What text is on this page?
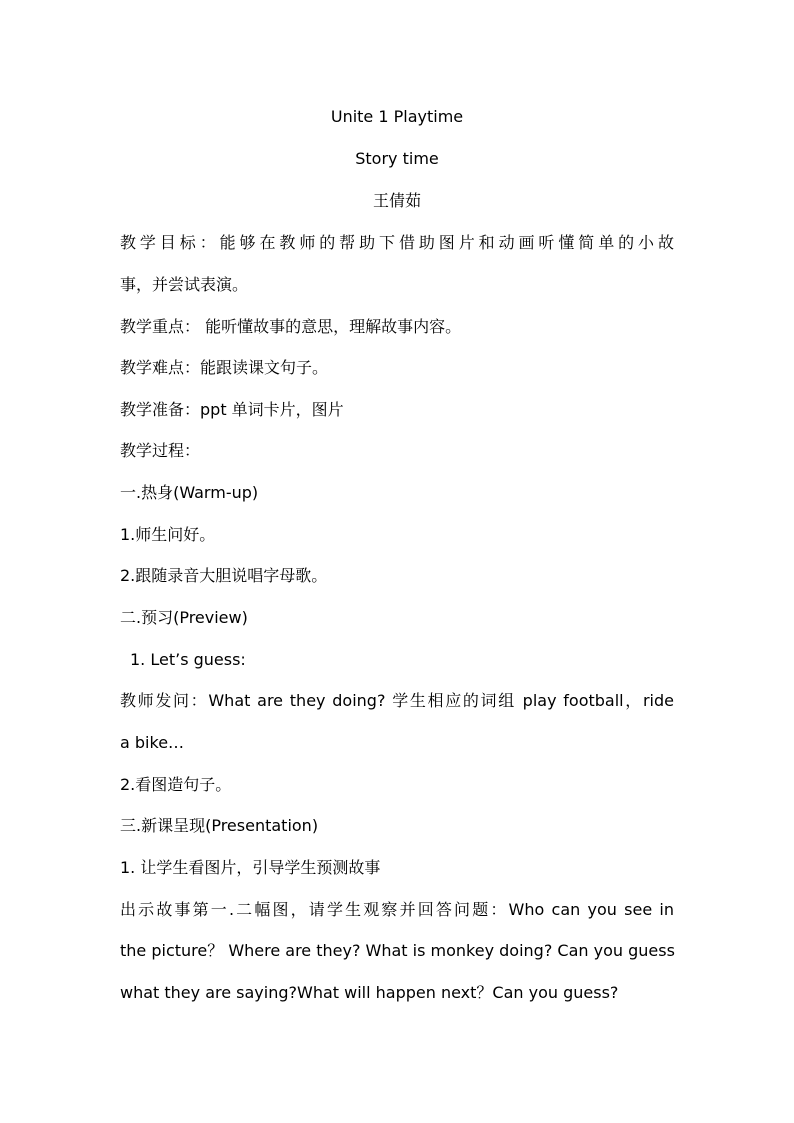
Unite 1 Playtime
Story time
王倩茹
教学目标：能够在教师的帮助下借助图片和动画听懂简单的小故
事，并尝试表演。
教学重点： 能听懂故事的意思，理解故事内容。
教学难点：能跟读课文句子。
教学准备：ppt 单词卡片，图片
教学过程：
一.热身(Warm-up)
1.师生问好。
2.跟随录音大胆说唱字母歌。
二.预习(Preview)
1. Let’s guess:
教师发问：What are they doing? 学生相应的词组 play football，ride
a bike…
2.看图造句子。
三.新课呈现(Presentation)
1. 让学生看图片，引导学生预测故事
出示故事第一.二幅图，请学生观察并回答问题：Who can you see in
the picture？ Where are they? What is monkey doing? Can you guess
what they are saying?What will happen next？Can you guess?
